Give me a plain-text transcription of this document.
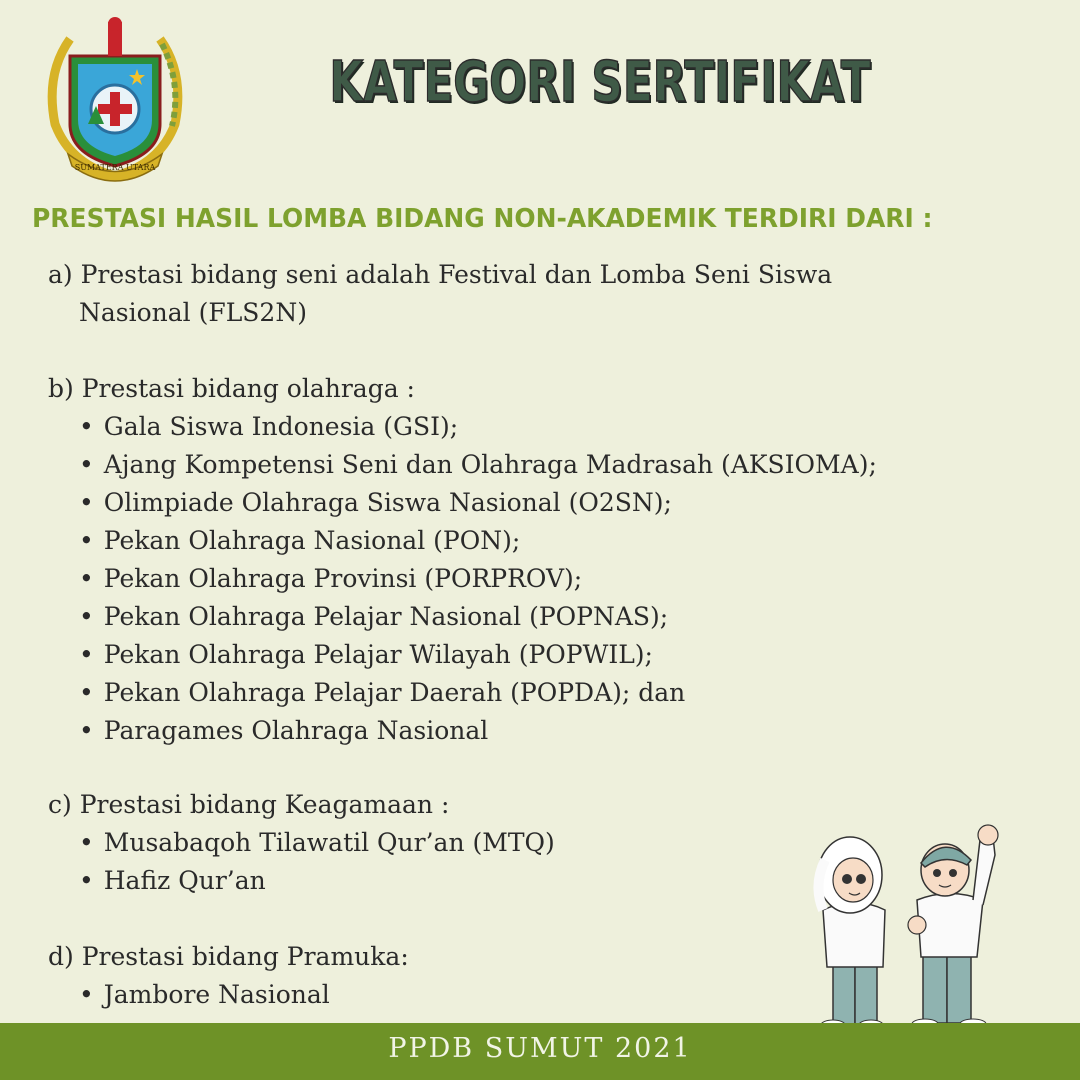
SUMATERA UTARA
KATEGORI SERTIFIKAT
PRESTASI HASIL LOMBA BIDANG NON-AKADEMIK TERDIRI DARI :
a) Prestasi bidang seni adalah Festival dan Lomba Seni Siswa
Nasional (FLS2N)
b) Prestasi bidang olahraga :
• Gala Siswa Indonesia (GSI);
• Ajang Kompetensi Seni dan Olahraga Madrasah (AKSIOMA);
• Olimpiade Olahraga Siswa Nasional (O2SN);
• Pekan Olahraga Nasional (PON);
• Pekan Olahraga Provinsi (PORPROV);
• Pekan Olahraga Pelajar Nasional (POPNAS);
• Pekan Olahraga Pelajar Wilayah (POPWIL);
• Pekan Olahraga Pelajar Daerah (POPDA); dan
• Paragames Olahraga Nasional
c) Prestasi bidang Keagamaan :
• Musabaqoh Tilawatil Qur’an (MTQ)
• Hafiz Qur’an
d) Prestasi bidang Pramuka:
• Jambore Nasional
PPDB SUMUT 2021
